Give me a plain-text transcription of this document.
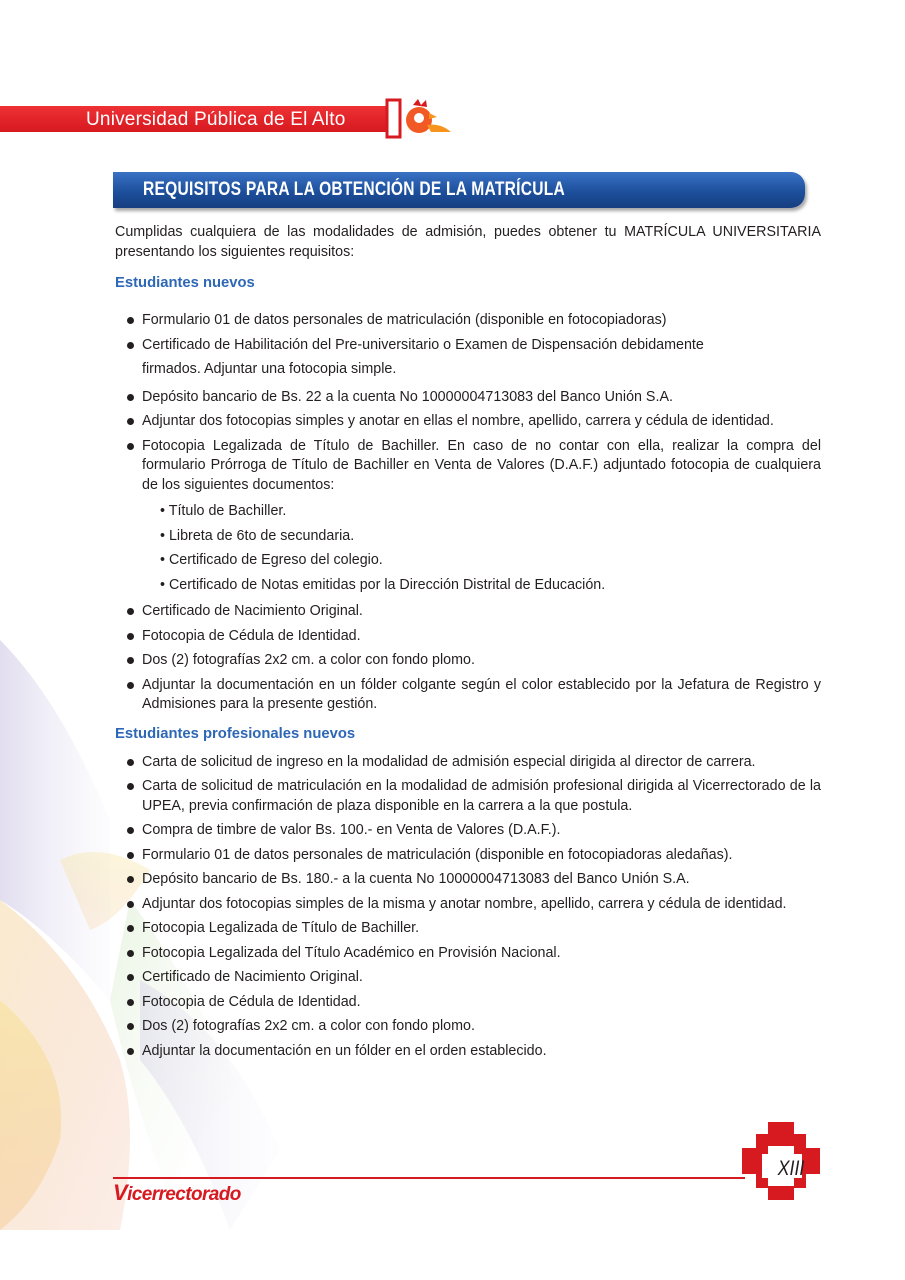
Universidad Pública de El Alto
REQUISITOS PARA LA OBTENCIÓN DE LA MATRÍCULA

Cumplidas cualquiera de las modalidades de admisión, puedes obtener tu MATRÍCULA UNIVERSITARIA presentando los siguientes requisitos:

Estudiantes nuevos

Formulario 01 de datos personales de matriculación (disponible en fotocopiadoras)
Certificado de Habilitación del Pre-universitario o Examen de Dispensación debidamente
firmados. Adjuntar una fotocopia simple.
Depósito bancario de Bs. 22 a la cuenta No 10000004713083 del Banco Unión S.A.
Adjuntar dos fotocopias simples y anotar en ellas el nombre, apellido, carrera y cédula de identidad.
Fotocopia Legalizada de Título de Bachiller. En caso de no contar con ella, realizar la compra del formulario Prórroga de Título de Bachiller en Venta de Valores (D.A.F.) adjuntado fotocopia de cualquiera de los siguientes documentos:
• Título de Bachiller.
• Libreta de 6to de secundaria.
• Certificado de Egreso del colegio.
• Certificado de Notas emitidas por la Dirección Distrital de Educación.
Certificado de Nacimiento Original.
Fotocopia de Cédula de Identidad.
Dos (2) fotografías 2x2 cm. a color con fondo plomo.
Adjuntar la documentación en un fólder colgante según el color establecido por la Jefatura de Registro y Admisiones para la presente gestión.

Estudiantes profesionales nuevos

Carta de solicitud de ingreso en la modalidad de admisión especial dirigida al director de carrera.
Carta de solicitud de matriculación en la modalidad de admisión profesional dirigida al Vicerrectorado de la UPEA, previa confirmación de plaza disponible en la carrera a la que postula.
Compra de timbre de valor Bs. 100.- en Venta de Valores (D.A.F.).
Formulario 01 de datos personales de matriculación (disponible en fotocopiadoras aledañas).
Depósito bancario de Bs. 180.- a la cuenta No 10000004713083 del Banco Unión S.A.
Adjuntar dos fotocopias simples de la misma y anotar nombre, apellido, carrera y cédula de identidad.
Fotocopia Legalizada de Título de Bachiller.
Fotocopia Legalizada del Título Académico en Provisión Nacional.
Certificado de Nacimiento Original.
Fotocopia de Cédula de Identidad.
Dos (2) fotografías 2x2 cm. a color con fondo plomo.
Adjuntar la documentación en un fólder en el orden establecido.
Vicerrectorado
XIII
